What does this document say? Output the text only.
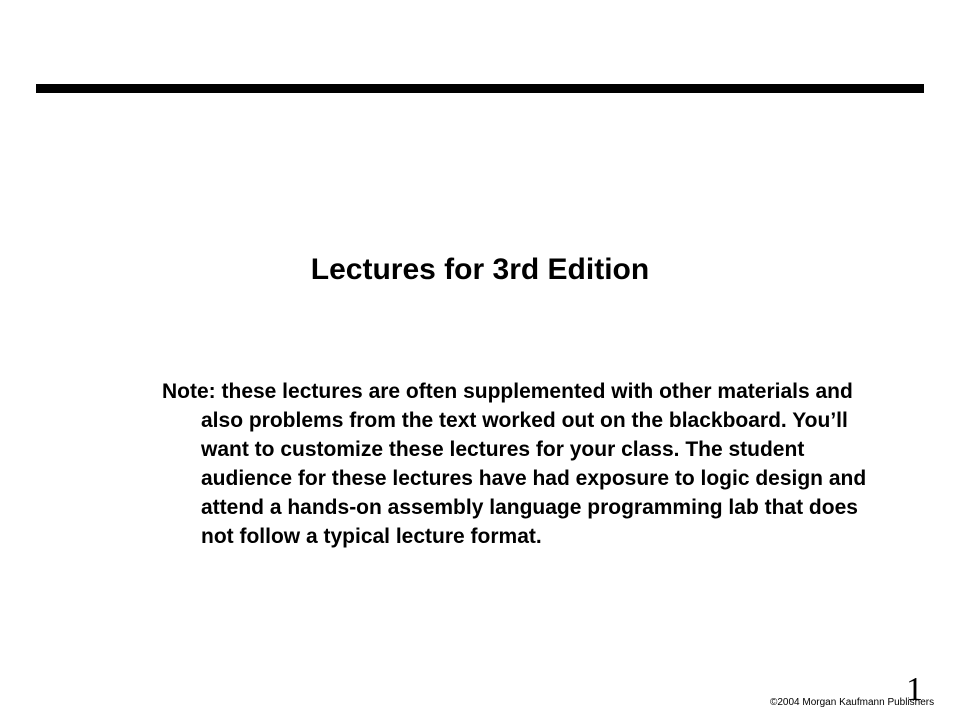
Lectures for 3rd Edition

Note: these lectures are often supplemented with other materials and also problems from the text worked out on the blackboard. You’ll want to customize these lectures for your class. The student audience for these lectures have had exposure to logic design and attend a hands-on assembly language programming lab that does not follow a typical lecture format.

©2004 Morgan Kaufmann Publishers
1
